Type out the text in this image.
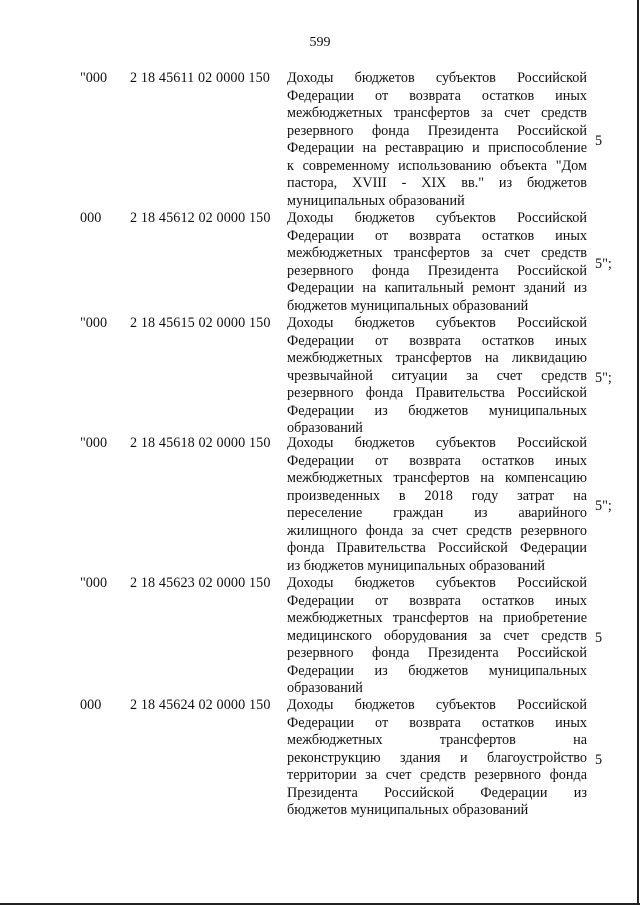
599
"000 2 18 45611 02 0000 150 Доходы бюджетов субъектов Российской
Федерации от возврата остатков иных
межбюджетных трансфертов за счет средств
резервного фонда Президента Российской
Федерации на реставрацию и приспособление
к современному использованию объекта "Дом
пастора, XVIII - XIX вв." из бюджетов
муниципальных образований
5
000 2 18 45612 02 0000 150 Доходы бюджетов субъектов Российской
Федерации от возврата остатков иных
межбюджетных трансфертов за счет средств
резервного фонда Президента Российской
Федерации на капитальный ремонт зданий из
бюджетов муниципальных образований
5";
"000 2 18 45615 02 0000 150 Доходы бюджетов субъектов Российской
Федерации от возврата остатков иных
межбюджетных трансфертов на ликвидацию
чрезвычайной ситуации за счет средств
резервного фонда Правительства Российской
Федерации из бюджетов муниципальных
образований
5";
"000 2 18 45618 02 0000 150 Доходы бюджетов субъектов Российской
Федерации от возврата остатков иных
межбюджетных трансфертов на компенсацию
произведенных в 2018 году затрат на
переселение граждан из аварийного
жилищного фонда за счет средств резервного
фонда Правительства Российской Федерации
из бюджетов муниципальных образований
5";
"000 2 18 45623 02 0000 150 Доходы бюджетов субъектов Российской
Федерации от возврата остатков иных
межбюджетных трансфертов на приобретение
медицинского оборудования за счет средств
резервного фонда Президента Российской
Федерации из бюджетов муниципальных
образований
5
000 2 18 45624 02 0000 150 Доходы бюджетов субъектов Российской
Федерации от возврата остатков иных
межбюджетных трансфертов на
реконструкцию здания и благоустройство
территории за счет средств резервного фонда
Президента Российской Федерации из
бюджетов муниципальных образований
5
